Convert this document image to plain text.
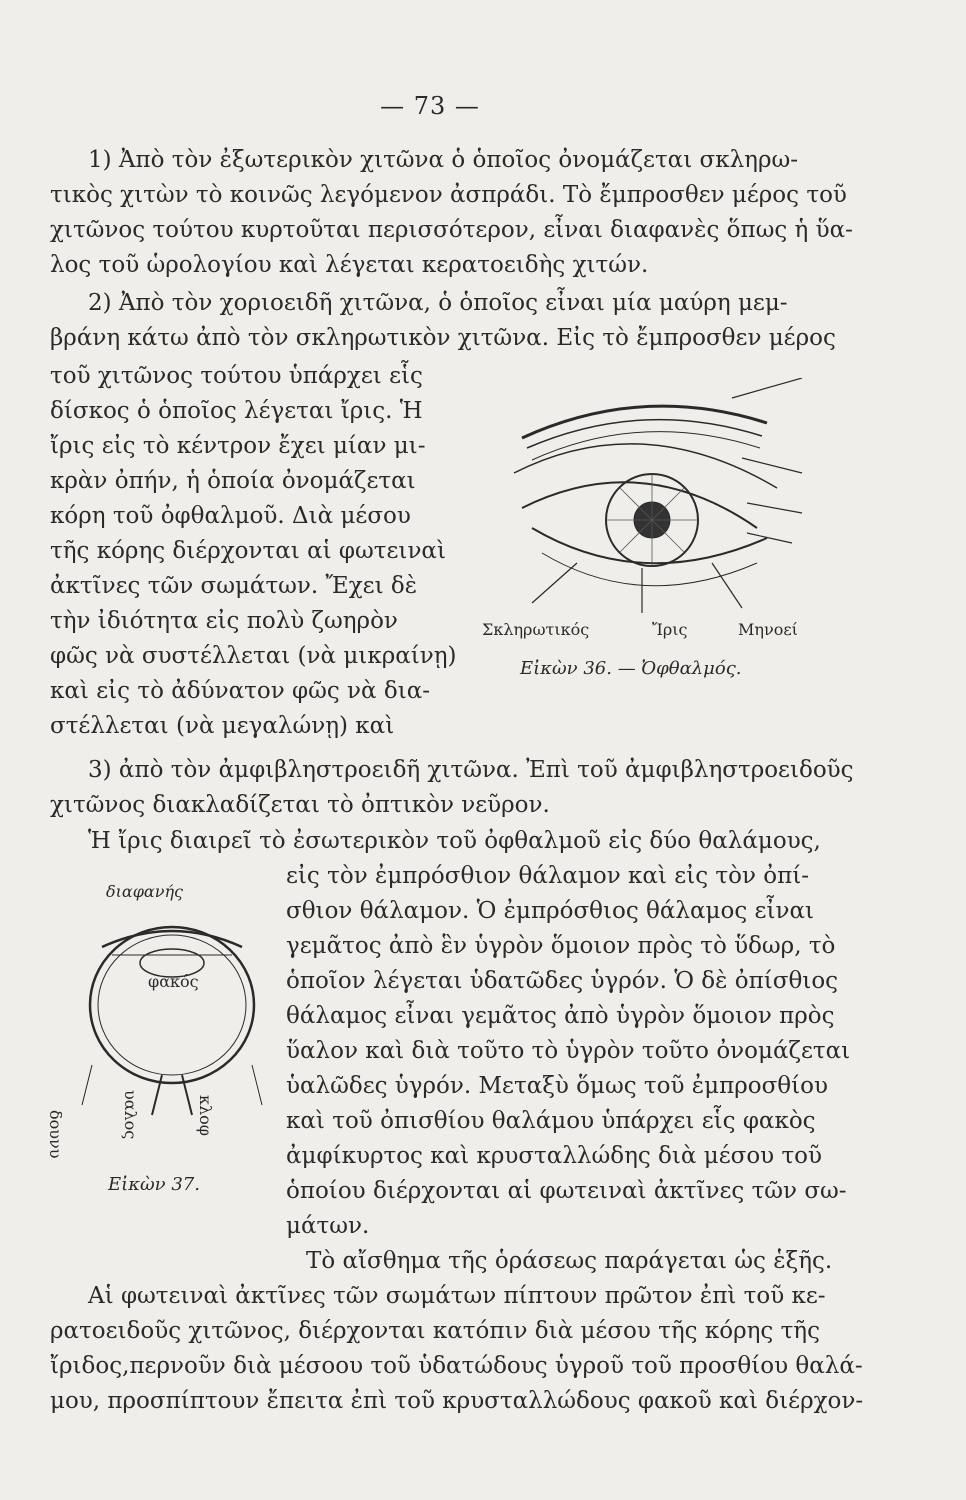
— 73 —
1) Ἀπὸ τὸν ἐξωτερικὸν χιτῶνα ὁ ὁποῖος ὀνομάζεται σκληρω-
τικὸς χιτὼν τὸ κοινῶς λεγόμενον ἀσπράδι. Τὸ ἔμπροσθεν μέρος τοῦ
χιτῶνος τούτου κυρτοῦται περισσότερον, εἶναι διαφανὲς ὅπως ἡ ὕα-
λος τοῦ ὡρολογίου καὶ λέγεται κερατοειδὴς χιτών.
2) Ἀπὸ τὸν χοριοειδῆ χιτῶνα, ὁ ὁποῖος εἶναι μία μαύρη μεμ-
βράνη κάτω ἀπὸ τὸν σκληρωτικὸν χιτῶνα. Εἰς τὸ ἔμπροσθεν μέρος
τοῦ χιτῶνος τούτου ὑπάρχει εἷς
δίσκος ὁ ὁποῖος λέγεται ἴρις. Ἡ
ἴρις εἰς τὸ κέντρον ἔχει μίαν μι-
κρὰν ὀπήν, ἡ ὁποία ὀνομάζεται
κόρη τοῦ ὀφθαλμοῦ. Διὰ μέσου
τῆς κόρης διέρχονται αἱ φωτειναὶ
ἀκτῖνες τῶν σωμάτων. Ἔχει δὲ
τὴν ἰδιότητα εἰς πολὺ ζωηρὸν
φῶς νὰ συστέλλεται (νὰ μικραίνῃ)
καὶ εἰς τὸ ἀδύνατον φῶς νὰ δια-
στέλλεται (νὰ μεγαλώνῃ) καὶ
Σκληρωτικός	Ἴρις	Μηνοεί
Εἰκὼν 36. — Ὀφθαλμός.
3) ἀπὸ τὸν ἀμφιβληστροειδῆ χιτῶνα. Ἐπὶ τοῦ ἀμφιβληστροειδοῦς
χιτῶνος διακλαδίζεται τὸ ὀπτικὸν νεῦρον.
Ἡ ἴρις διαιρεῖ τὸ ἐσωτερικὸν τοῦ ὀφθαλμοῦ εἰς δύο θαλάμους,
εἰς τὸν ἐμπρόσθιον θάλαμον καὶ εἰς τὸν ὀπί-
σθιον θάλαμον. Ὁ ἐμπρόσθιος θάλαμος εἶναι
γεμᾶτος ἀπὸ ἓν ὑγρὸν ὅμοιον πρὸς τὸ ὕδωρ, τὸ
ὁποῖον λέγεται ὑδατῶδες ὑγρόν. Ὁ δὲ ὀπίσθιος
θάλαμος εἶναι γεμᾶτος ἀπὸ ὑγρὸν ὅμοιον πρὸς
ὕαλον καὶ διὰ τοῦτο τὸ ὑγρὸν τοῦτο ὀνομάζεται
ὑαλῶδες ὑγρόν. Μεταξὺ ὅμως τοῦ ἐμπροσθίου
καὶ τοῦ ὀπισθίου θαλάμου ὑπάρχει εἷς φακὸς
ἀμφίκυρτος καὶ κρυσταλλώδης διὰ μέσου τοῦ
ὁποίου διέρχονται αἱ φωτειναὶ ἀκτῖνες τῶν σω-
μάτων.
διαφανής
φακός
δουνυ	υαλος	κλοφ
Εἰκὼν 37.
Τὸ αἴσθημα τῆς ὁράσεως παράγεται ὡς ἑξῆς.
Αἱ φωτειναὶ ἀκτῖνες τῶν σωμάτων πίπτουν πρῶτον ἐπὶ τοῦ κε-
ρατοειδοῦς χιτῶνος, διέρχονται κατόπιν διὰ μέσου τῆς κόρης τῆς
ἴριδος,περνοῦν διὰ μέσοου τοῦ ὑδατώδους ὑγροῦ τοῦ προσθίου θαλά-
μου, προσπίπτουν ἔπειτα ἐπὶ τοῦ κρυσταλλώδους φακοῦ καὶ διέρχον-
